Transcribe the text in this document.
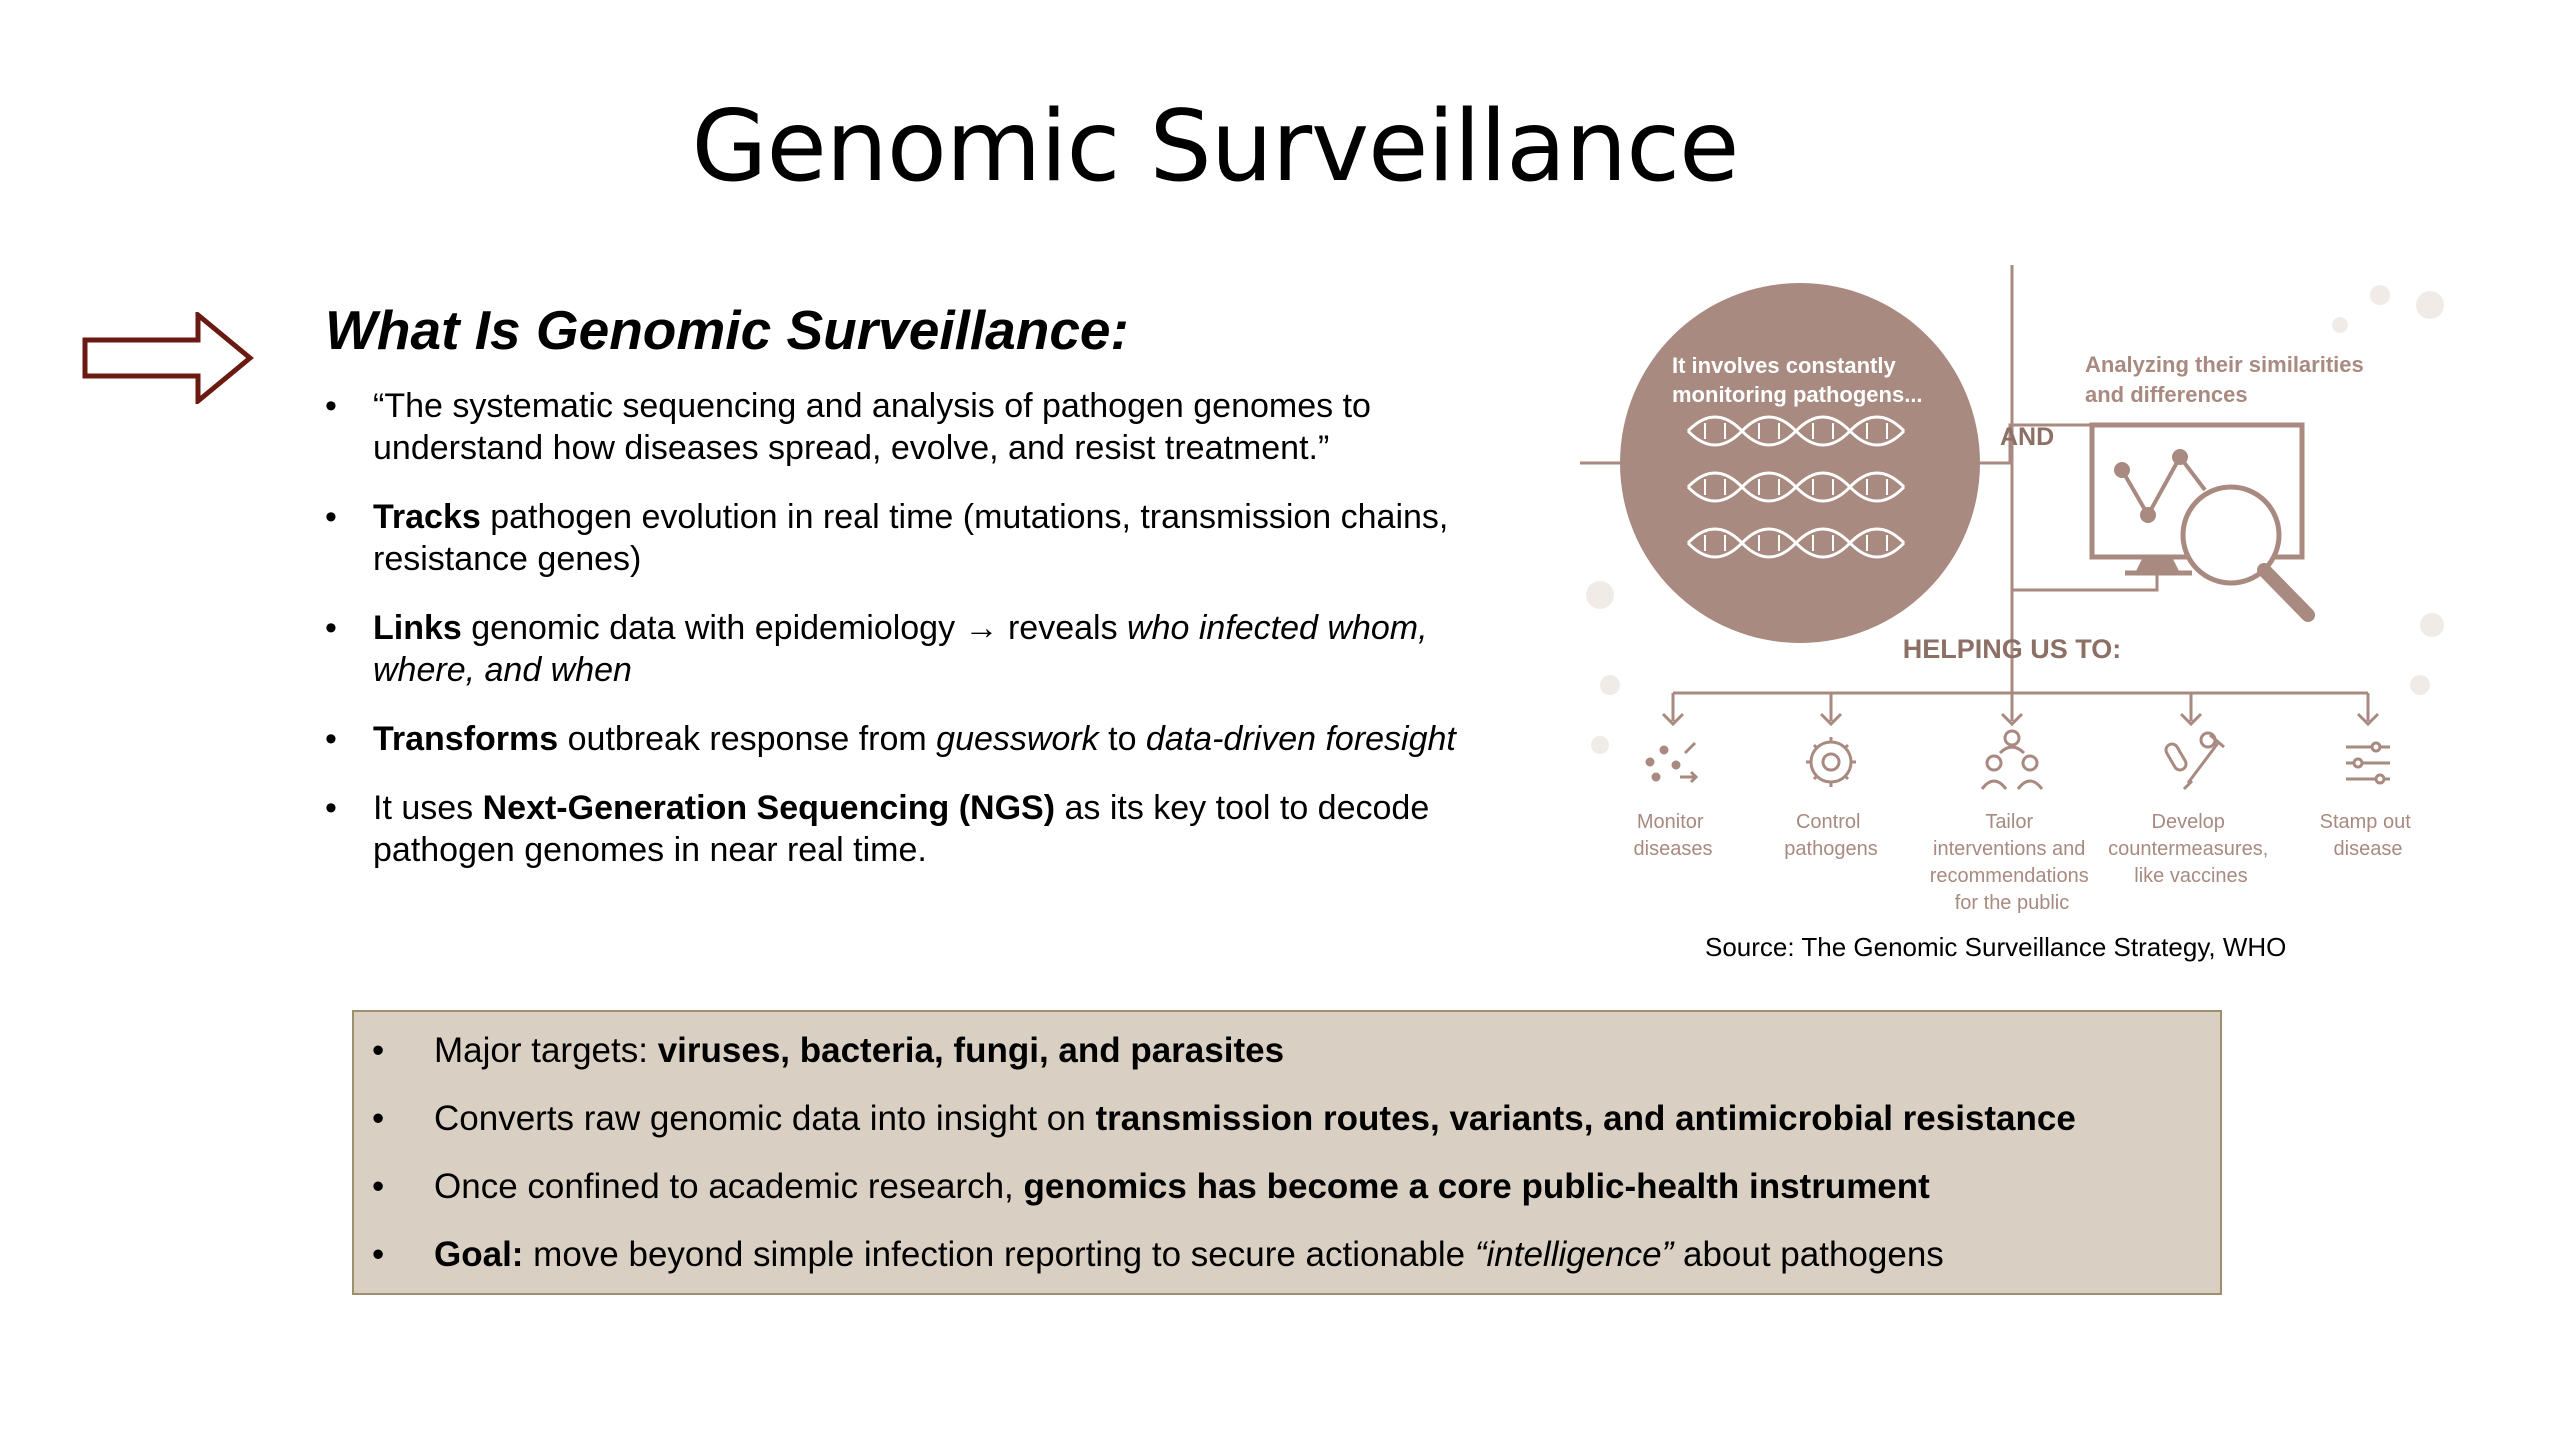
Genomic Surveillance
What Is Genomic Surveillance:
• “The systematic sequencing and analysis of pathogen genomes to understand how diseases spread, evolve, and resist treatment.”
• Tracks pathogen evolution in real time (mutations, transmission chains, resistance genes)
• Links genomic data with epidemiology → reveals who infected whom, where, and when
• Transforms outbreak response from guesswork to data-driven foresight
• It uses Next-Generation Sequencing (NGS) as its key tool to decode pathogen genomes in near real time.
It involves constantly
monitoring pathogens...
AND
Analyzing their similarities
and differences
HELPING US TO:
Monitor diseases
Control pathogens
Tailor interventions and recommendations for the public
Develop countermeasures, like vaccines
Stamp out disease
Source: The Genomic Surveillance Strategy, WHO
• Major targets: viruses, bacteria, fungi, and parasites
• Converts raw genomic data into insight on transmission routes, variants, and antimicrobial resistance
• Once confined to academic research, genomics has become a core public-health instrument
• Goal: move beyond simple infection reporting to secure actionable “intelligence” about pathogens
